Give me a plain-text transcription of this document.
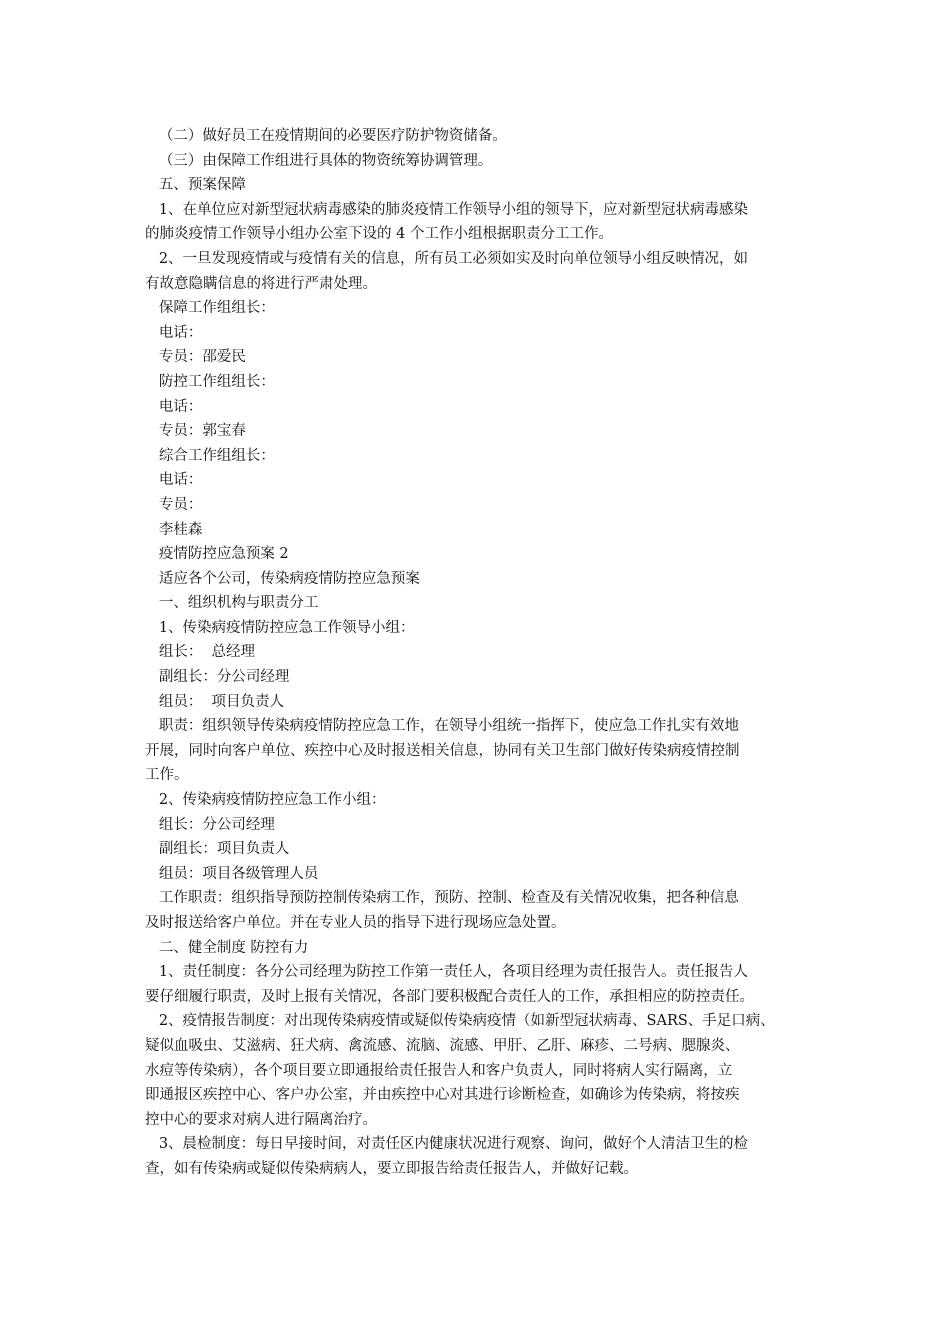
（二）做好员工在疫情期间的必要医疗防护物资储备。
（三）由保障工作组进行具体的物资统筹协调管理。
五、预案保障
1、在单位应对新型冠状病毒感染的肺炎疫情工作领导小组的领导下，应对新型冠状病毒感染
的肺炎疫情工作领导小组办公室下设的 4 个工作小组根据职责分工工作。
2、一旦发现疫情或与疫情有关的信息，所有员工必须如实及时向单位领导小组反映情况，如
有故意隐瞒信息的将进行严肃处理。
保障工作组组长：
电话：
专员：邵爱民
防控工作组组长：
电话：
专员：郭宝春
综合工作组组长：
电话：
专员：
李桂森
疫情防控应急预案 2
适应各个公司，传染病疫情防控应急预案
一、组织机构与职责分工
1、传染病疫情防控应急工作领导小组：
组长：  总经理
副组长：分公司经理
组员：  项目负责人
职责：组织领导传染病疫情防控应急工作，在领导小组统一指挥下，使应急工作扎实有效地
开展，同时向客户单位、疾控中心及时报送相关信息，协同有关卫生部门做好传染病疫情控制
工作。
2、传染病疫情防控应急工作小组：
组长：分公司经理
副组长：项目负责人
组员：项目各级管理人员
工作职责：组织指导预防控制传染病工作，预防、控制、检查及有关情况收集，把各种信息
及时报送给客户单位。并在专业人员的指导下进行现场应急处置。
二、健全制度 防控有力
1、责任制度：各分公司经理为防控工作第一责任人，各项目经理为责任报告人。责任报告人
要仔细履行职责，及时上报有关情况，各部门要积极配合责任人的工作，承担相应的防控责任。
2、疫情报告制度：对出现传染病疫情或疑似传染病疫情（如新型冠状病毒、SARS、手足口病、
疑似血吸虫、艾滋病、狂犬病、禽流感、流脑、流感、甲肝、乙肝、麻疹、二号病、腮腺炎、
水痘等传染病），各个项目要立即通报给责任报告人和客户负责人，同时将病人实行隔离，立
即通报区疾控中心、客户办公室，并由疾控中心对其进行诊断检查，如确诊为传染病，将按疾
控中心的要求对病人进行隔离治疗。
3、晨检制度：每日早接时间，对责任区内健康状况进行观察、询问，做好个人清洁卫生的检
查，如有传染病或疑似传染病病人，要立即报告给责任报告人，并做好记载。
